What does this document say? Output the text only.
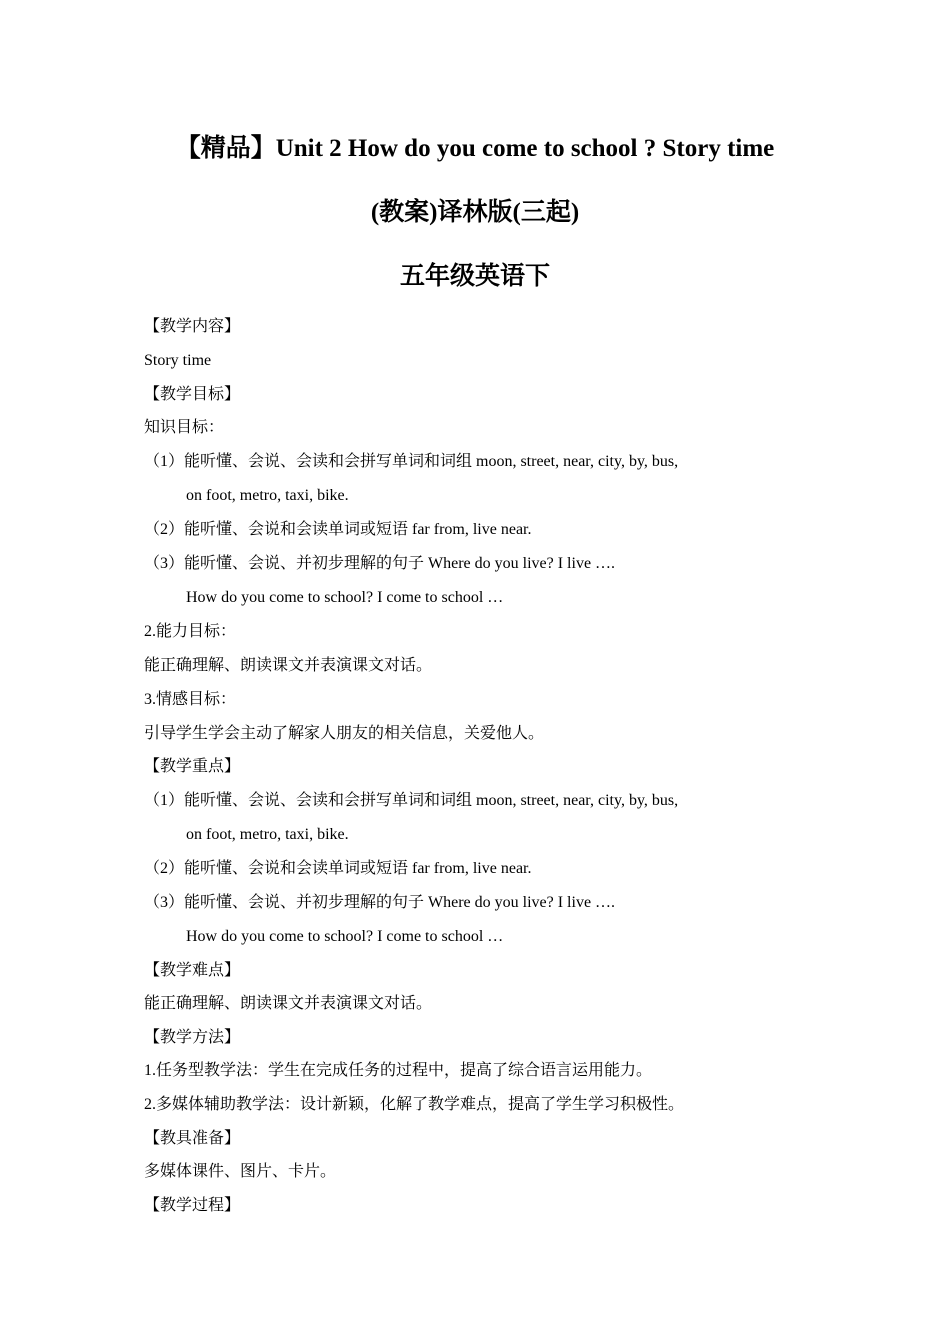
【精品】Unit 2 How do you come to school ? Story time
(教案)译林版(三起)
五年级英语下
【教学内容】
Story time
【教学目标】
知识目标：
（1）能听懂、会说、会读和会拼写单词和词组 moon, street, near, city, by, bus,
on foot, metro, taxi, bike.
（2）能听懂、会说和会读单词或短语 far from, live near.
（3）能听懂、会说、并初步理解的句子 Where do you live? I live ….
How do you come to school? I come to school …
2.能力目标：
能正确理解、朗读课文并表演课文对话。
3.情感目标：
引导学生学会主动了解家人朋友的相关信息，关爱他人。
【教学重点】
（1）能听懂、会说、会读和会拼写单词和词组 moon, street, near, city, by, bus,
on foot, metro, taxi, bike.
（2）能听懂、会说和会读单词或短语 far from, live near.
（3）能听懂、会说、并初步理解的句子 Where do you live? I live ….
How do you come to school? I come to school …
【教学难点】
能正确理解、朗读课文并表演课文对话。
【教学方法】
1.任务型教学法：学生在完成任务的过程中，提高了综合语言运用能力。
2.多媒体辅助教学法：设计新颖，化解了教学难点，提高了学生学习积极性。
【教具准备】
多媒体课件、图片、卡片。
【教学过程】
